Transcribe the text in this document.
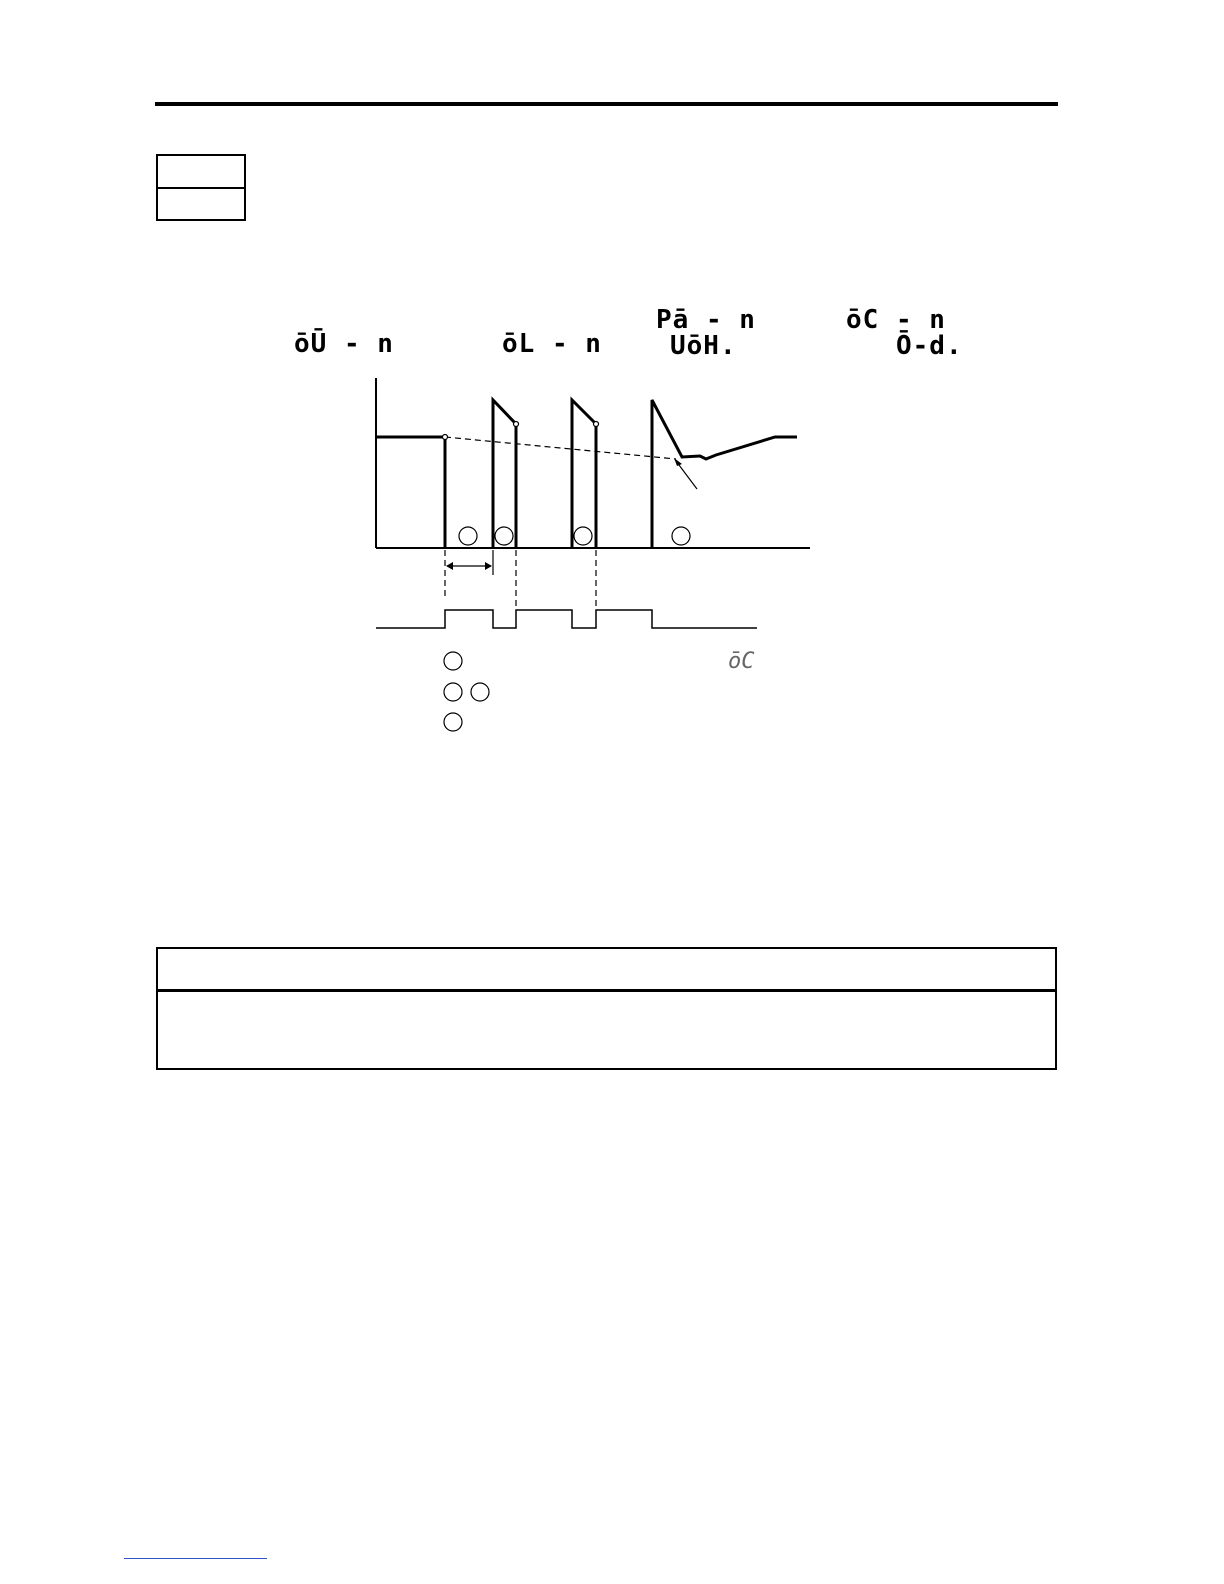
ōŪ - n	ōL - n
Pā - n
UōH.
ōC - n
Ō-d.
ōC
